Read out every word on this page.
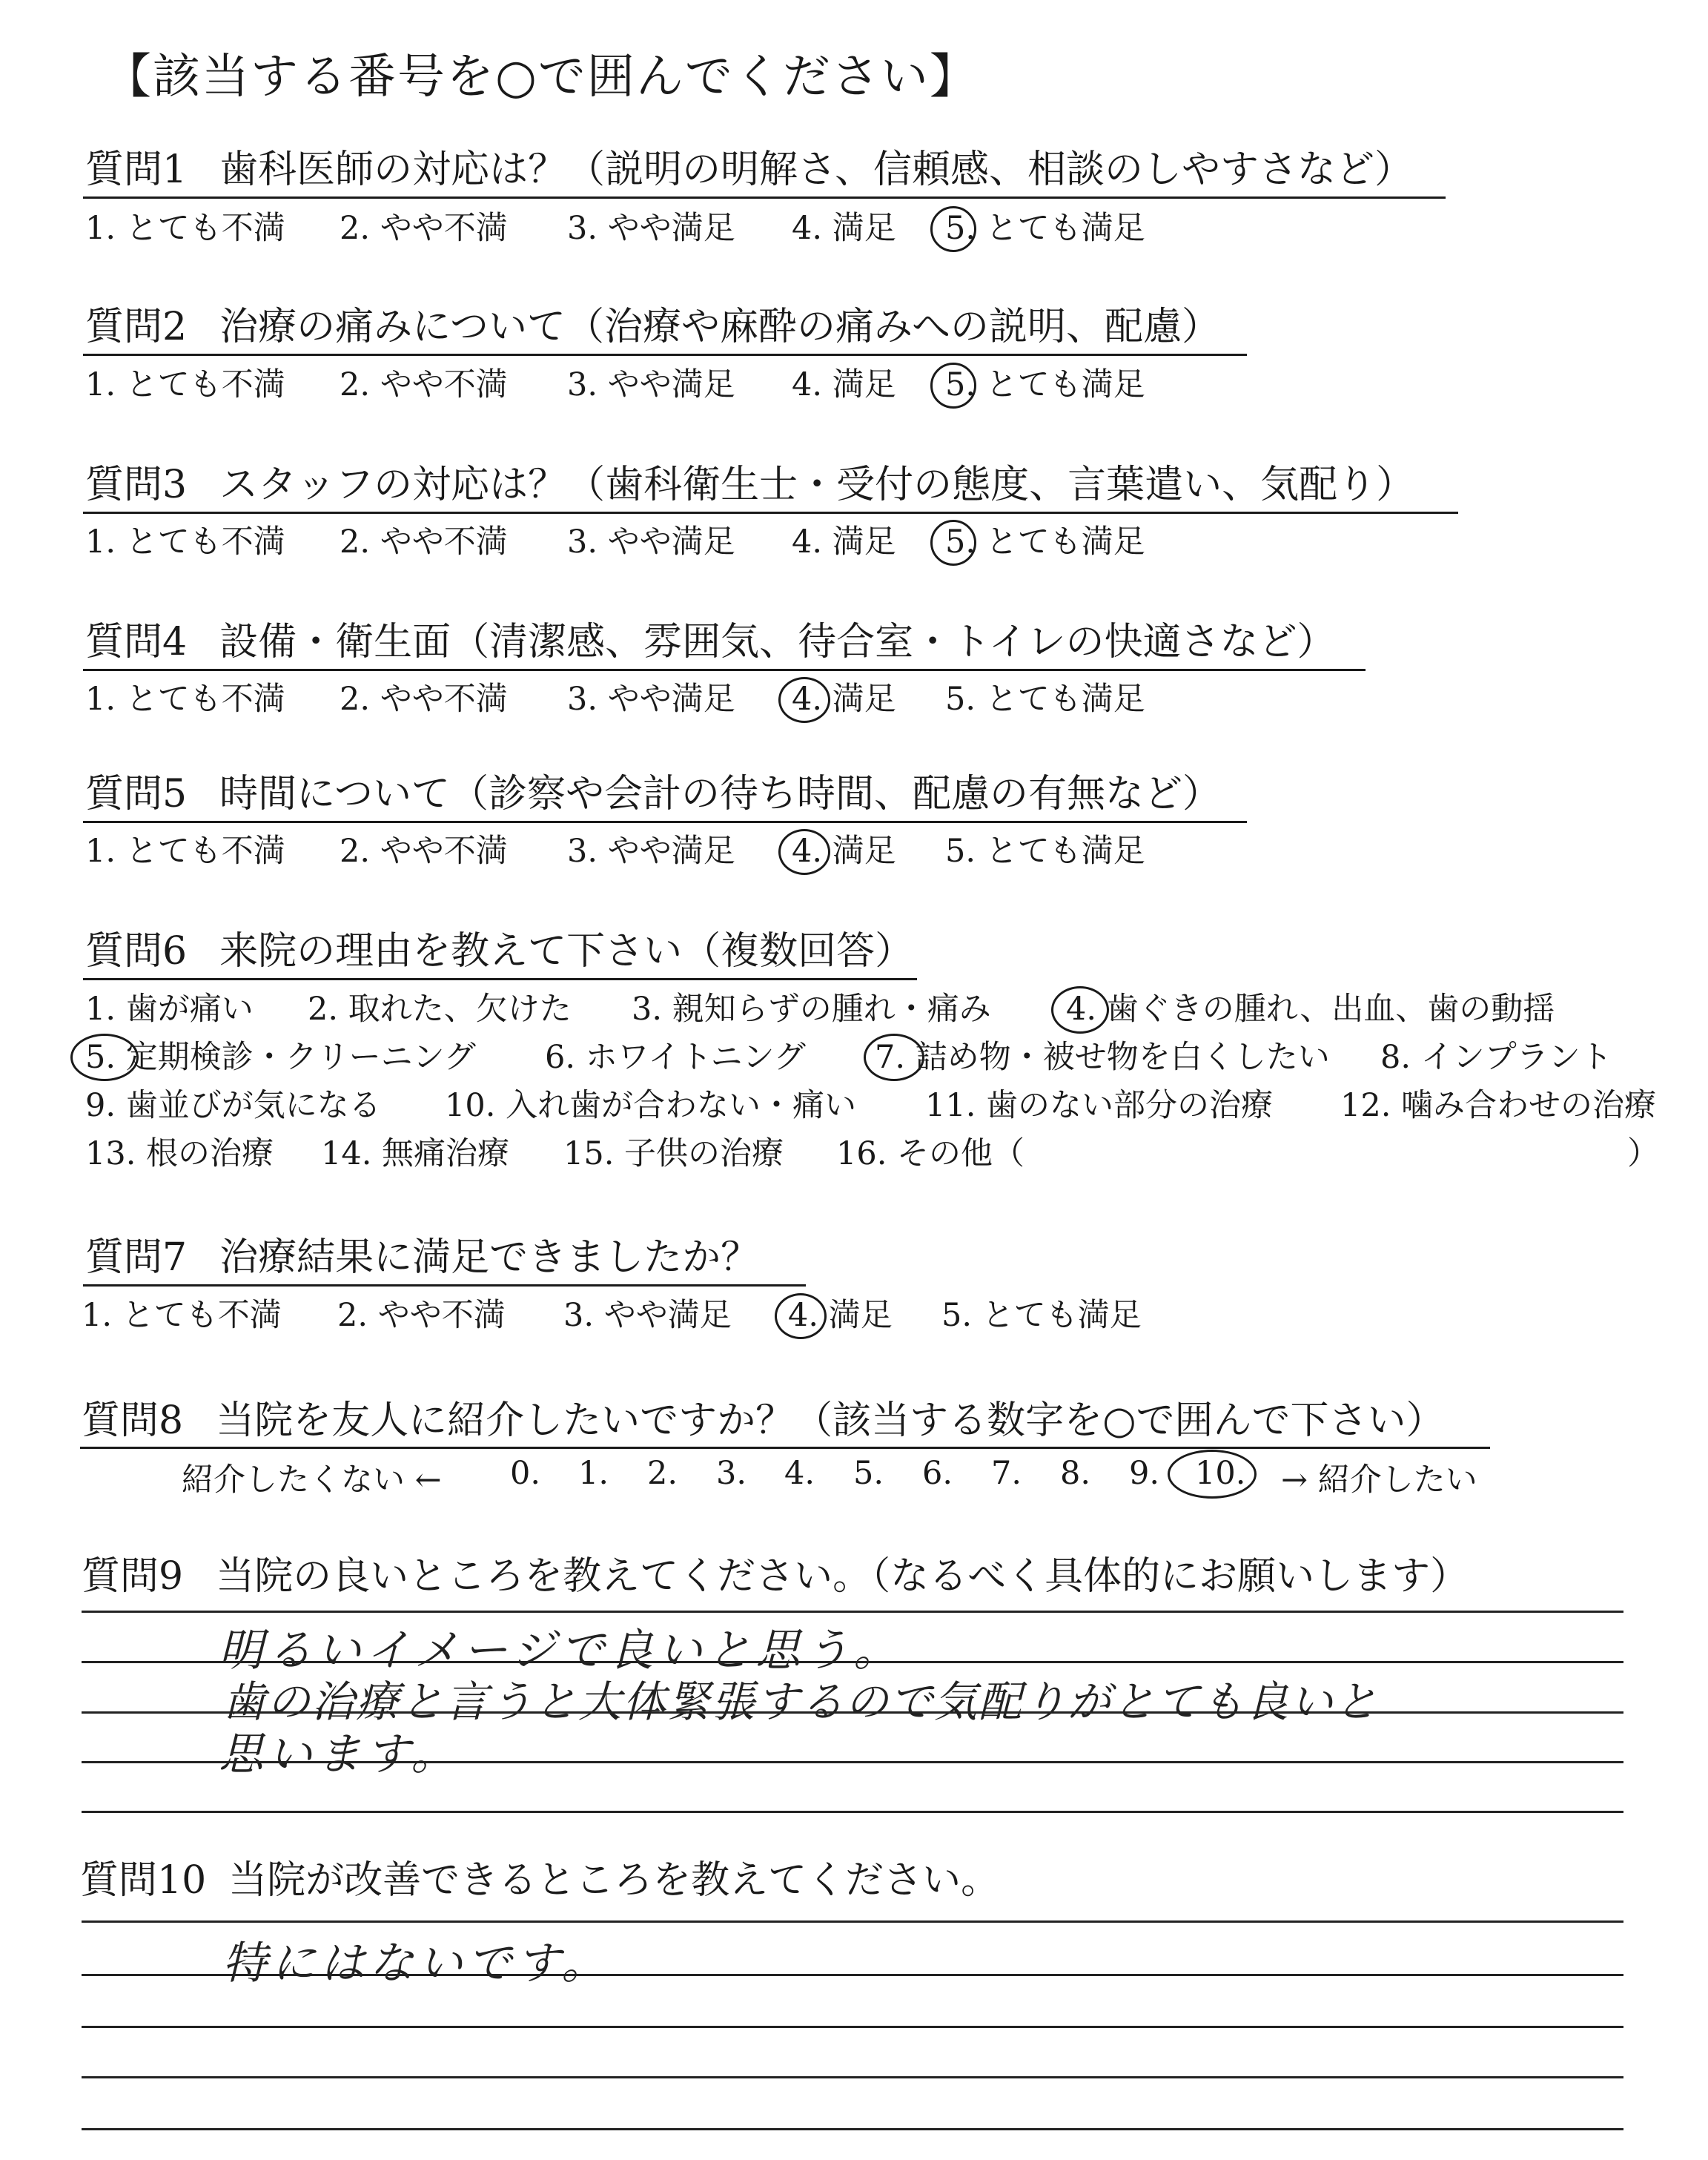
【該当する番号を○で囲んでください】
質問1 歯科医師の対応は？（説明の明解さ、信頼感、相談のしやすさなど）
1. とても不満 2. やや不満 3. やや満足 4. 満足 5. とても満足
質問2 治療の痛みについて（治療や麻酔の痛みへの説明、配慮）
1. とても不満 2. やや不満 3. やや満足 4. 満足 5. とても満足
質問3 スタッフの対応は？（歯科衛生士・受付の態度、言葉遣い、気配り）
1. とても不満 2. やや不満 3. やや満足 4. 満足 5. とても満足
質問4 設備・衛生面（清潔感、雰囲気、待合室・トイレの快適さなど）
1. とても不満 2. やや不満 3. やや満足 4. 満足 5. とても満足
質問5 時間について（診察や会計の待ち時間、配慮の有無など）
1. とても不満 2. やや不満 3. やや満足 4. 満足 5. とても満足
質問6 来院の理由を教えて下さい（複数回答）
1. 歯が痛い 2. 取れた、欠けた 3. 親知らずの腫れ・痛み 4. 歯ぐきの腫れ、出血、歯の動揺
5. 定期検診・クリーニング 6. ホワイトニング 7. 詰め物・被せ物を白くしたい 8. インプラント
9. 歯並びが気になる 10. 入れ歯が合わない・痛い 11. 歯のない部分の治療 12. 噛み合わせの治療
13. 根の治療 14. 無痛治療 15. 子供の治療 16. その他（	）
質問7 治療結果に満足できましたか？
1. とても不満 2. やや不満 3. やや満足 4. 満足 5. とても満足
質問8 当院を友人に紹介したいですか？（該当する数字を○で囲んで下さい）
紹介したくない ← 0. 1. 2. 3. 4. 5. 6. 7. 8. 9. 10. → 紹介したい
質問9 当院の良いところを教えてください。（なるべく具体的にお願いします）
明るいイメージで良いと思う。
歯の治療と言うと大体緊張するので気配りがとても良いと
思います。
質問10 当院が改善できるところを教えてください。
特にはないです。
